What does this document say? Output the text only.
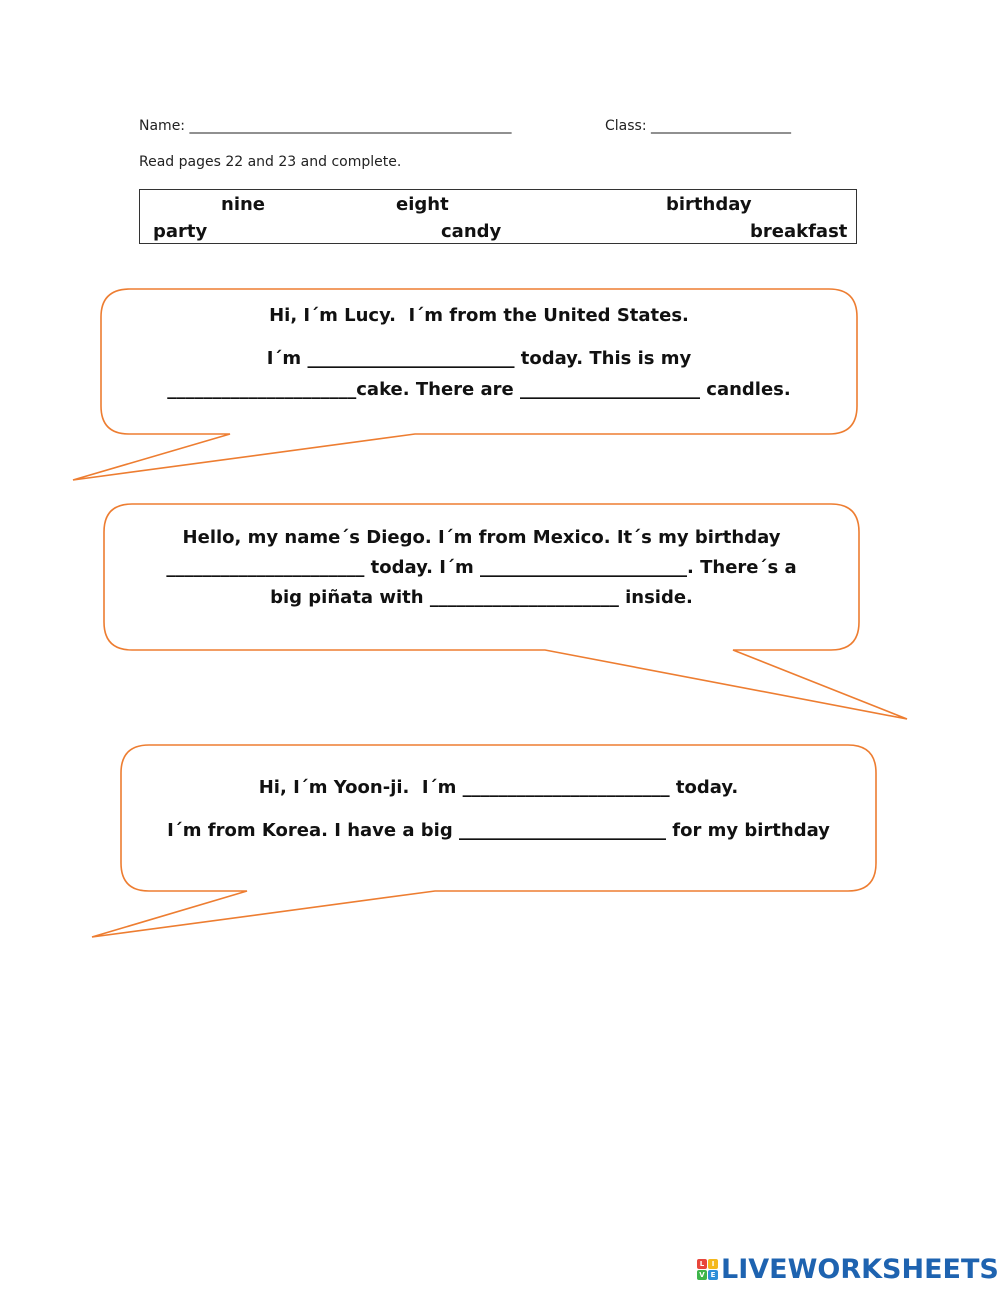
Name: ______________________________________________	Class: ____________________
Read pages 22 and 23 and complete.
nine	eight	birthday
party	candy	breakfast
Hi, I´m Lucy.  I´m from the United States.
I´m _______________________ today. This is my
_____________________cake. There are ____________________ candles.
Hello, my name´s Diego. I´m from Mexico. It´s my birthday
______________________ today. I´m _______________________. There´s a
big piñata with _____________________ inside.
Hi, I´m Yoon-ji.  I´m _______________________ today.
I´m from Korea. I have a big _______________________ for my birthday
L	I
V E LIVEWORKSHEETS
